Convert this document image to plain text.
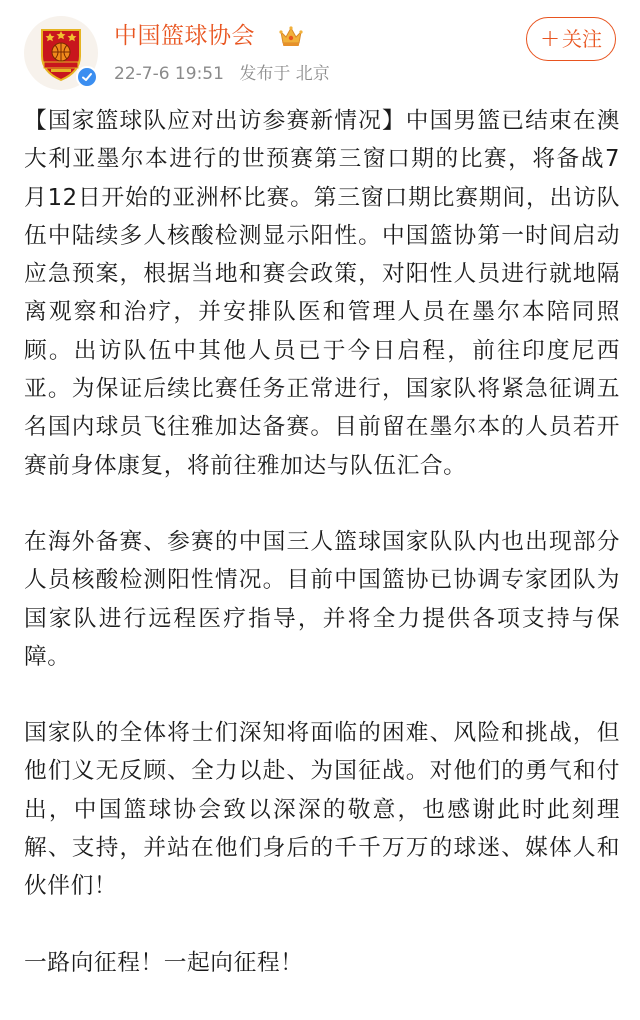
中国篮球协会
22-7-6 19:51 发布于 北京
+ 关注

【国家篮球队应对出访参赛新情况】中国男篮已结束在澳大利亚墨尔本进行的世预赛第三窗口期的比赛，将备战7月12日开始的亚洲杯比赛。第三窗口期比赛期间，出访队伍中陆续多人核酸检测显示阳性。中国篮协第一时间启动应急预案，根据当地和赛会政策，对阳性人员进行就地隔离观察和治疗，并安排队医和管理人员在墨尔本陪同照顾。出访队伍中其他人员已于今日启程，前往印度尼西亚。为保证后续比赛任务正常进行，国家队将紧急征调五名国内球员飞往雅加达备赛。目前留在墨尔本的人员若开赛前身体康复，将前往雅加达与队伍汇合。

在海外备赛、参赛的中国三人篮球国家队队内也出现部分人员核酸检测阳性情况。目前中国篮协已协调专家团队为国家队进行远程医疗指导，并将全力提供各项支持与保障。

国家队的全体将士们深知将面临的困难、风险和挑战，但他们义无反顾、全力以赴、为国征战。对他们的勇气和付出，中国篮球协会致以深深的敬意，也感谢此时此刻理解、支持，并站在他们身后的千千万万的球迷、媒体人和伙伴们！

一路向征程！一起向征程！
